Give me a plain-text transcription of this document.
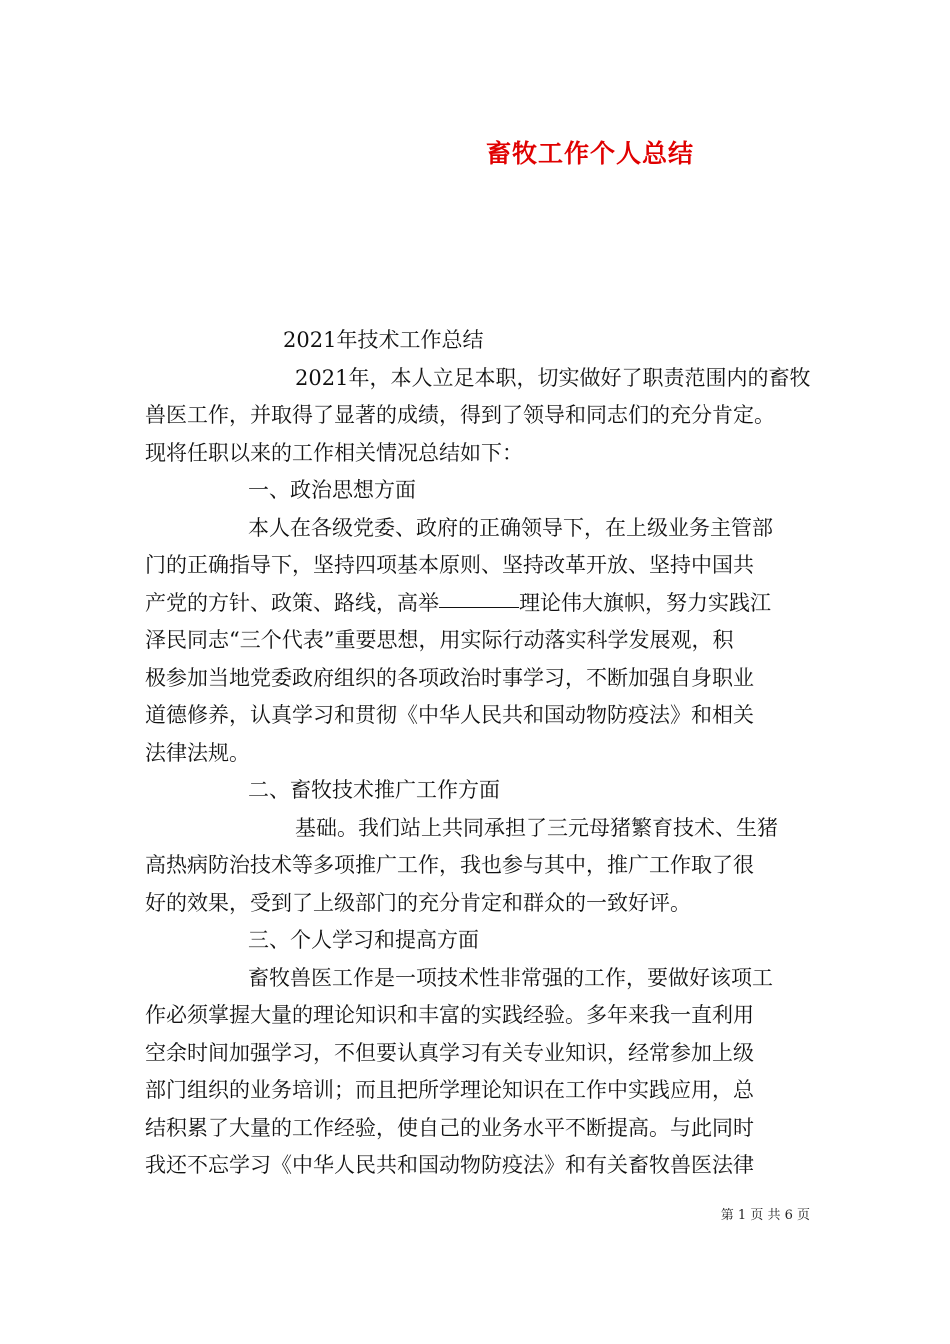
畜牧工作个人总结
2021年技术工作总结
2021年，本人立足本职，切实做好了职责范围内的畜牧
兽医工作，并取得了显著的成绩，得到了领导和同志们的充分肯定。
现将任职以来的工作相关情况总结如下：
一、政治思想方面
本人在各级党委、政府的正确领导下，在上级业务主管部
门的正确指导下，坚持四项基本原则、坚持改革开放、坚持中国共
产党的方针、政策、路线，高举	理论伟大旗帜，努力实践江
泽民同志“三个代表”重要思想，用实际行动落实科学发展观，积
极参加当地党委政府组织的各项政治时事学习，不断加强自身职业
道德修养，认真学习和贯彻《中华人民共和国动物防疫法》和相关
法律法规。
二、畜牧技术推广工作方面
基础。我们站上共同承担了三元母猪繁育技术、生猪
高热病防治技术等多项推广工作，我也参与其中，推广工作取了很
好的效果，受到了上级部门的充分肯定和群众的一致好评。
三、个人学习和提高方面
畜牧兽医工作是一项技术性非常强的工作，要做好该项工
作必须掌握大量的理论知识和丰富的实践经验。多年来我一直利用
空余时间加强学习，不但要认真学习有关专业知识，经常参加上级
部门组织的业务培训；而且把所学理论知识在工作中实践应用，总
结积累了大量的工作经验，使自己的业务水平不断提高。与此同时
我还不忘学习《中华人民共和国动物防疫法》和有关畜牧兽医法律
第 1 页 共 6 页
